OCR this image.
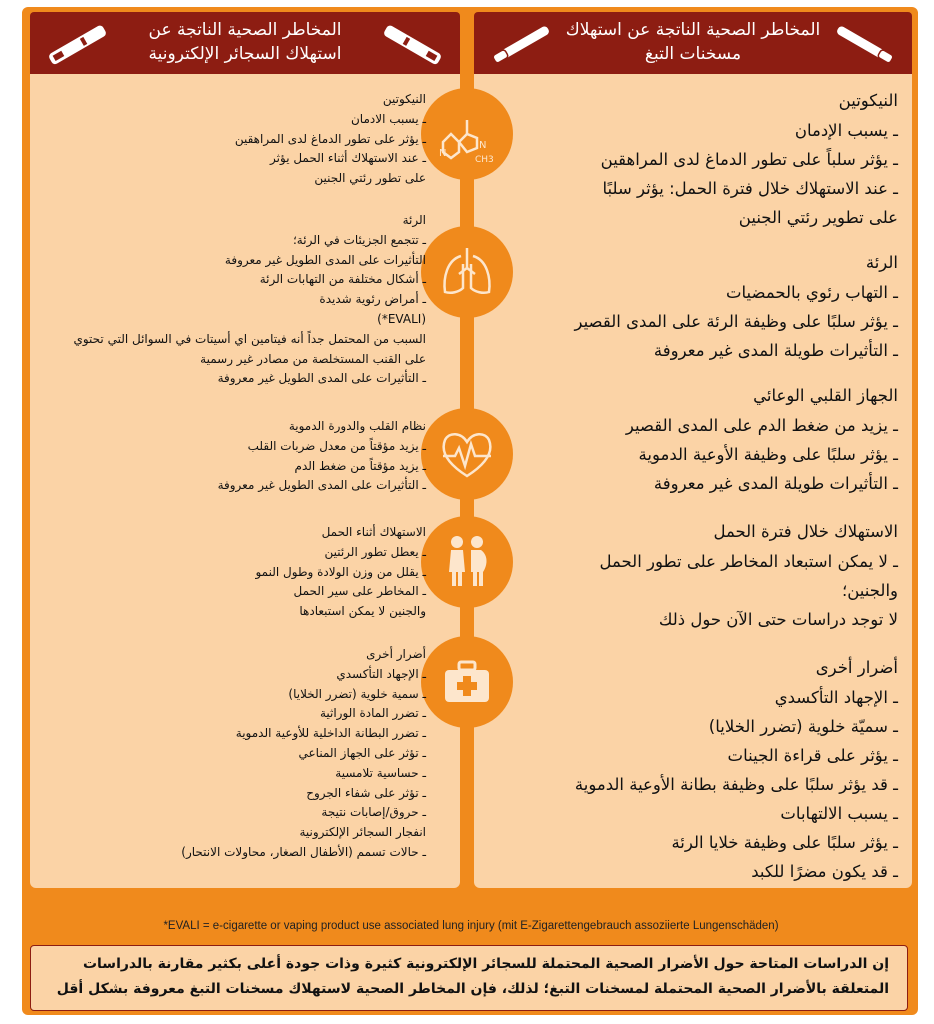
المخاطر الصحية الناتجة عن استهلاك السجائر الإلكترونية
المخاطر الصحية الناتجة عن استهلاك مسخنات التبغ
N
N
CH3
النيكوتين
ـ يسبب الادمان
ـ يؤثر على تطور الدماغ لدى المراهقين
ـ عند الاستهلاك أثناء الحمل يؤثر
على تطور رئتي الجنين
الرئة
ـ تتجمع الجزيئات في الرئة؛
التأثيرات على المدى الطويل غير معروفة
ـ أشكال مختلفة من التهابات الرئة
ـ أمراض رئوية شديدة
(EVALI*)
السبب من المحتمل جداً أنه فيتامين اي أسيتات في السوائل التي تحتوي
على القنب المستخلصة من مصادر غير رسمية
ـ التأثيرات على المدى الطويل غير معروفة
نظام القلب والدورة الدموية
ـ يزيد مؤقتاً من معدل ضربات القلب
ـ يزيد مؤقتاً من ضغط الدم
ـ التأثيرات على المدى الطويل غير معروفة
الاستهلاك أثناء الحمل
ـ يعطل تطور الرئتين
ـ يقلل من وزن الولادة وطول النمو
ـ المخاطر على سير الحمل
والجنين لا يمكن استبعادها
أضرار أخرى
ـ الإجهاد التأكسدي
ـ سمية خلوية (تضرر الخلايا)
ـ تضرر المادة الوراثية
ـ تضرر البطانة الداخلية للأوعية الدموية
ـ تؤثر على الجهاز المناعي
ـ حساسية تلامسية
ـ تؤثر على شفاء الجروح
ـ حروق/إصابات نتيجة
انفجار السجائر الإلكترونية
ـ حالات تسمم (الأطفال الصغار، محاولات الانتحار)
النيكوتين
ـ يسبب الإدمان
ـ يؤثر سلباً على تطور الدماغ لدى المراهقين
ـ عند الاستهلاك خلال فترة الحمل: يؤثر سلبًا
على تطوير رئتي الجنين
الرئة
ـ التهاب رئوي بالحمضيات
ـ يؤثر سلبًا على وظيفة الرئة على المدى القصير
ـ التأثيرات طويلة المدى غير معروفة
الجهاز القلبي الوعائي
ـ يزيد من ضغط الدم على المدى القصير
ـ يؤثر سلبًا على وظيفة الأوعية الدموية
ـ التأثيرات طويلة المدى غير معروفة
الاستهلاك خلال فترة الحمل
ـ لا يمكن استبعاد المخاطر على تطور الحمل
والجنين؛
لا توجد دراسات حتى الآن حول ذلك
أضرار أخرى
ـ الإجهاد التأكسدي
ـ سميّة خلوية (تضرر الخلايا)
ـ يؤثر على قراءة الجينات
ـ قد يؤثر سلبًا على وظيفة بطانة الأوعية الدموية
ـ يسبب الالتهابات
ـ يؤثر سلبًا على وظيفة خلايا الرئة
ـ قد يكون مضرًا للكبد
*EVALI = e-cigarette or vaping product use associated lung injury (mit E-Zigarettengebrauch assoziierte Lungenschäden)
إن الدراسات المتاحة حول الأضرار الصحية المحتملة للسجائر الإلكترونية كثيرة وذات جودة أعلى بكثير مقارنة بالدراسات المتعلقة بالأضرار الصحية المحتملة لمسخنات التبغ؛ لذلك، فإن المخاطر الصحية لاستهلاك مسخنات التبغ معروفة بشكل أقل
